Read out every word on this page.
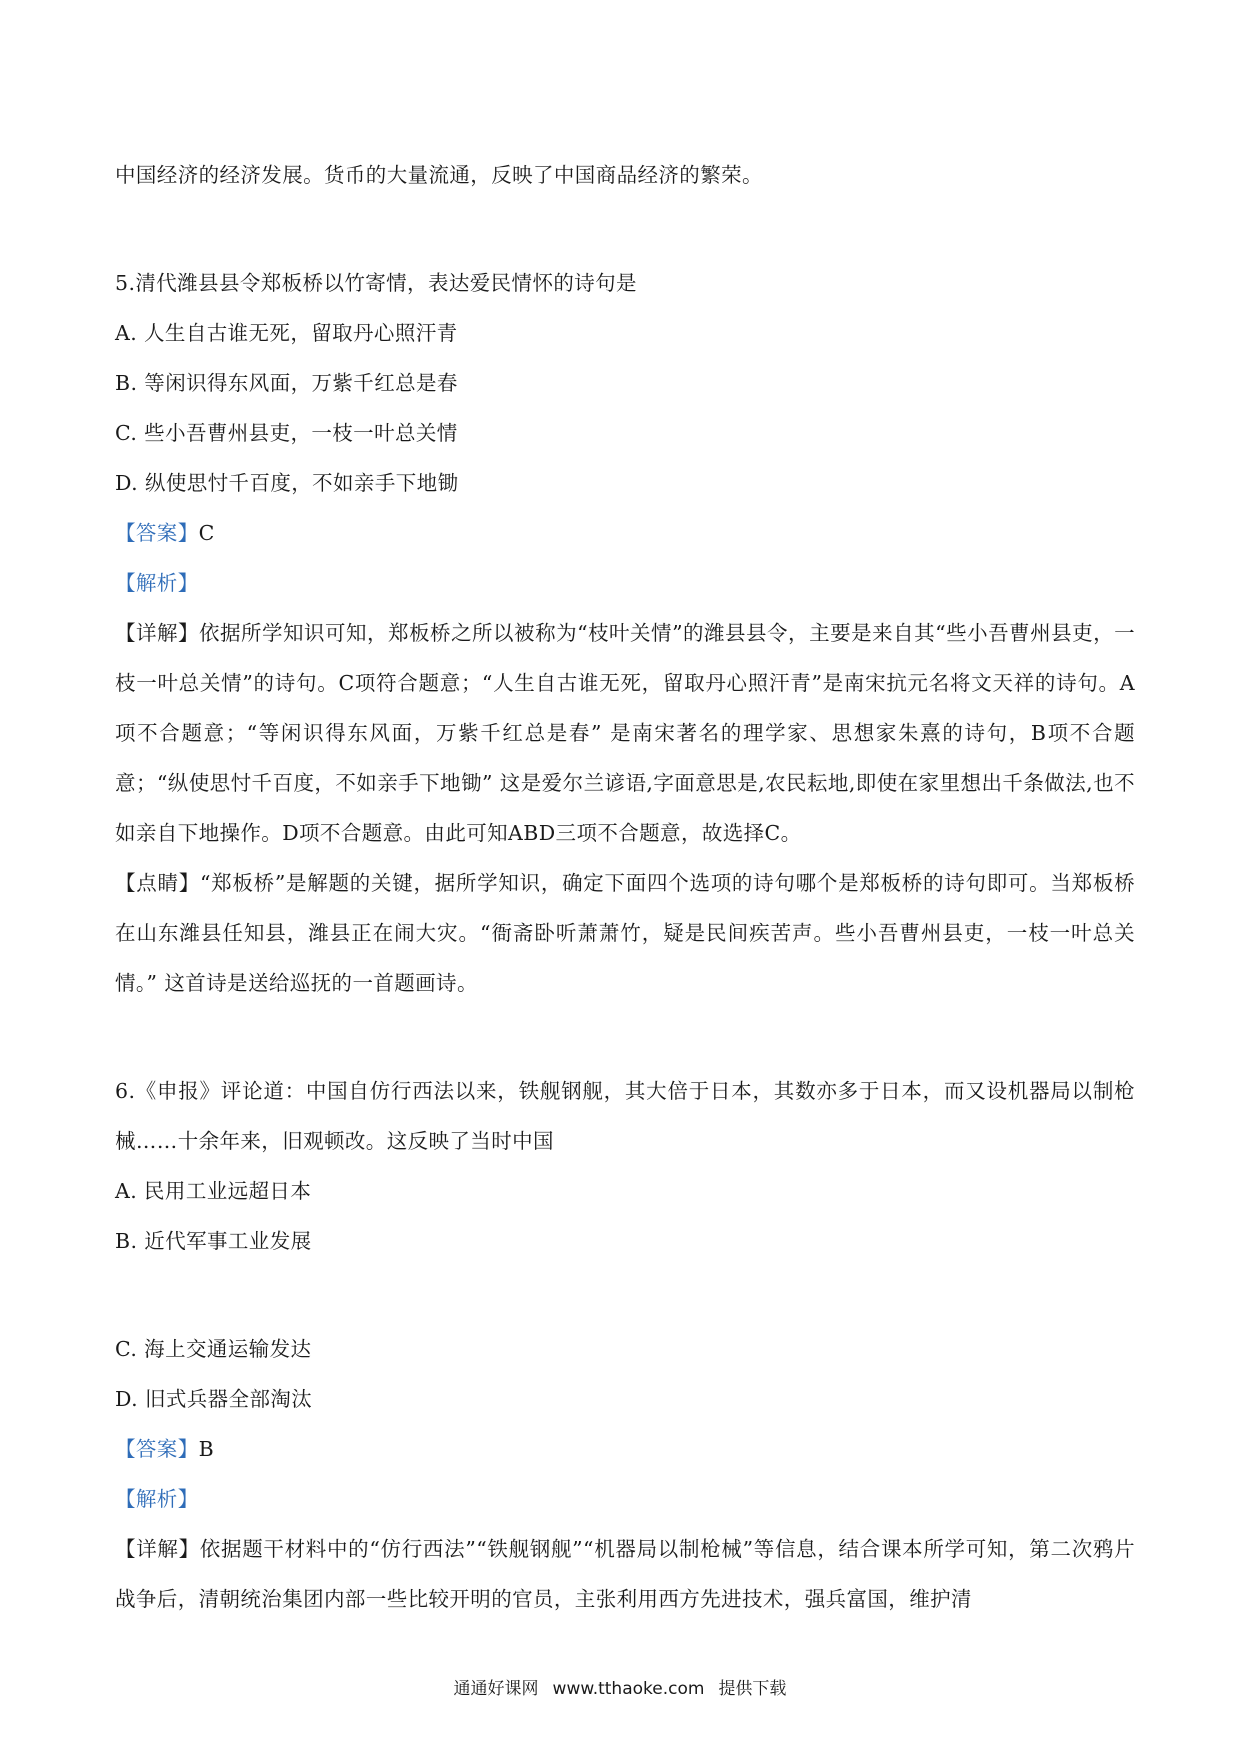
中国经济的经济发展。货币的大量流通，反映了中国商品经济的繁荣。
5.清代潍县县令郑板桥以竹寄情，表达爱民情怀的诗句是
A. 人生自古谁无死，留取丹心照汗青
B. 等闲识得东风面，万紫千红总是春
C. 些小吾曹州县吏，一枝一叶总关情
D. 纵使思忖千百度，不如亲手下地锄
【答案】C
【解析】
【详解】依据所学知识可知，郑板桥之所以被称为“枝叶关情”的潍县县令，主要是来自其“些小吾曹州县吏，一枝一叶总关情”的诗句。C项符合题意；“人生自古谁无死，留取丹心照汗青”是南宋抗元名将文天祥的诗句。A项不合题意；“等闲识得东风面，万紫千红总是春” 是南宋著名的理学家、思想家朱熹的诗句，B项不合题意；“纵使思忖千百度，不如亲手下地锄” 这是爱尔兰谚语,字面意思是,农民耘地,即使在家里想出千条做法,也不如亲自下地操作。D项不合题意。由此可知ABD三项不合题意，故选择C。
【点睛】“郑板桥”是解题的关键，据所学知识，确定下面四个选项的诗句哪个是郑板桥的诗句即可。当郑板桥在山东潍县任知县，潍县正在闹大灾。“衙斋卧听萧萧竹，疑是民间疾苦声。些小吾曹州县吏，一枝一叶总关情。” 这首诗是送给巡抚的一首题画诗。
6.《申报》评论道：中国自仿行西法以来，铁舰钢舰，其大倍于日本，其数亦多于日本，而又设机器局以制枪械……十余年来，旧观顿改。这反映了当时中国
A. 民用工业远超日本
B. 近代军事工业发展
C. 海上交通运输发达
D. 旧式兵器全部淘汰
【答案】B
【解析】
【详解】依据题干材料中的“仿行西法”“铁舰钢舰”“机器局以制枪械”等信息，结合课本所学可知，第二次鸦片战争后，清朝统治集团内部一些比较开明的官员，主张利用西方先进技术，强兵富国，维护清
通通好课网 www.tthaoke.com 提供下载
